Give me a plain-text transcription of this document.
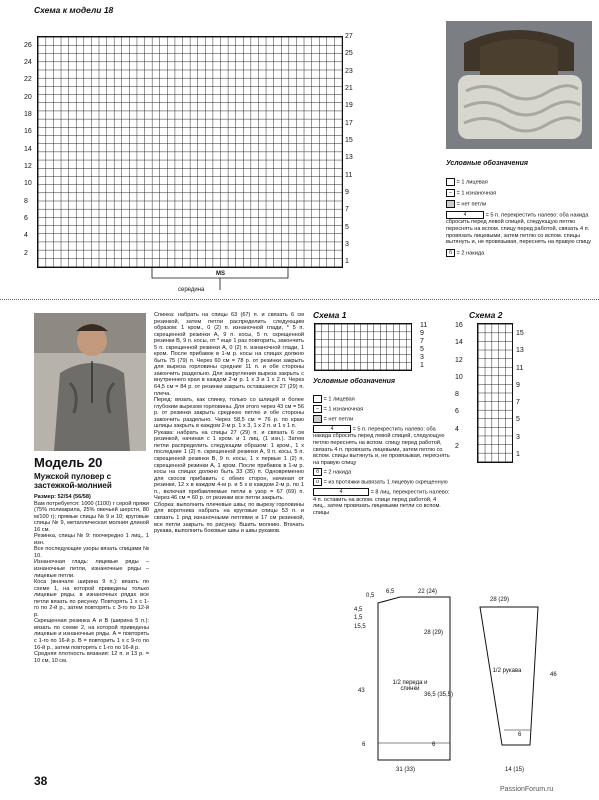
Схема к модели 18
26
24
22
20
18
16
14
12
10
8
6
4
2
27
25
23
21
19
17
15
13
11
9
7
5
3
1
MS
середина
Условные обозначения
= 1 лицевая
– = 1 изнаночная
= нет петли
4	= 5 п. перекрестить налево: оба накида сбросить перед левой спицей, следующую петлю переснять на вспом. спицу перед работой, связать 4 п. провязать лицевыми, затем петлю со вспом. спицы вытянуть и, не провязывая, переснять на правую спицу
б = 2 накида
Модель 20
Мужской пуловер с застежкой-молнией

Размер: 52/54 (56/58)

Вам потребуется: 1000 (1100) г серой пряжи (75% полиакрила, 25% овечьей шерсти, 80 м/100 г); прямые спицы № 9 и 10; круговые спицы № 9, металлическая молния длиной 16 см.

Резинка, спицы № 9: поочередно 1 лиц., 1 изн.

Все последующие узоры вязать спицами № 10.

Изнаночная гладь: лицевые ряды – изнаночные петли, изнаночные ряды – лицевые петли.

Коса (вначале ширина 9 п.): вязать по схеме 1, на которой приведены только лицевые ряды, в изнаночных рядах все петли вязать по рисунку. Повторять 1 х с 1-го по 2-й р., затем повторять с 3-го по 12-й р.

Скрещенная резинка А и В (ширина 5 п.): вязать по схеме 2, на которой приведены лицевые и изнаночные ряды. А = повторять с 1-го по 16-й р. В = повторить 1 х с 9-го по 16-й р., затем повторять с 1-го по 16-й р.

Средняя плотность вязания: 12 п. и 13 р. = 10 см, 10 см.

Спинка: набрать на спицы 63 (67) п. и связать 6 см резинкой, затем петли распределить следующим образом: 1 кром., 0 (2) п. изнаночной глади, * 5 п. скрещенной резинки А, 9 п. косы, 5 п. скрещенной резинки В, 9 п. косы, от * еще 1 раз повторить, закончить 5 п. скрещенной резинки А, 0 (2) п. изнаночной глади, 1 кром. После прибавок в 1-м р. косы на спицах должно быть 75 (79) п. Через 60 см = 78 р. от резинки закрыть для выреза горловины средние 11 п. и обе стороны закончить раздельно. Для закругления выреза закрыть с внутреннего края в каждом 2-м р. 1 х 3 и 1 х 2 п. Через 64,5 см = 84 р. от резинки закрыть оставшиеся 27 (29) п. плеча.

Перед: вязать, как спинку, только со шлицей и более глубоким вырезом горловины. Для этого через 43 см = 56 р. от резинки закрыть среднюю петлю и обе стороны закончить раздельно. Через 58,5 см = 76 р. по краю шлицы закрыть в каждом 2-м р. 1 х 3, 1 х 2 п. и 1 х 1 п.

Рукава: набрать на спицы 27 (29) п. и связать 6 см резинкой, начиная с 1 кром. и 1 лиц. (1 изн.). Затем петли распределить следующим образом: 1 кром., 1 х последние 1 (2) п. скрещенной резинки А, 9 п. косы, 5 п. скрещенной резинки В, 9 п. косы, 1 х первые 1 (2) п. скрещенной резинки А, 1 кром. После прибавок в 1-м р. косы на спицах должно быть 33 (35) п. Одновременно для скосов прибавить с обеих сторон, начиная от резинки, 12 х в каждом 4-м р. и 5 х в каждом 2-м р. по 1 п., включая прибавляемые петли в узор = 67 (69) п. Через 46 см = 60 р. от резинки все петли закрыть.

Сборка: выполнить плечевые швы; по вырезу горловины для воротника набрать на круговые спицы 53 п. и связать 1 ряд изнаночными петлями и 17 см резинкой, все петли закрыть по рисунку. Вшить молнию. Втачать рукава, выполнить боковые швы и швы рукавов.

Схема 1
11
9
7
5
3
1
Условные обозначения
= 1 лицевая
– = 1 изнаночная
= нет петли
4	= 5 п. перекрестить налево: оба накида сбросить перед левой спицей, следующую петлю переснять на вспом. спицу перед работой, связать 4 п. провязать лицевыми, затем петлю со вспом. спицы вытянуть и, не провязывая, переснять на правую спицу
б = 2 накида
ʊ = из протяжки вывязать 1 лицевую скрещенную
4	= 8 лиц. перекрестить налево: 4 п. оставить на вспом. спице перед работой, 4 лиц., затем провязать лицевыми петли со вспом. спицы
Схема 2
16
14
12
10
8
6
4
2
15
13
11
9
7
5
3
1
1/2 переда и спинки
1/2 рукава
0,5
6,5	22 (24)
4,5
1,5
15,5
43
28 (29)
36,5 (35,5)
6	6
31 (33)
28 (29)
46
6
14 (15)
38
PassionForum.ru
